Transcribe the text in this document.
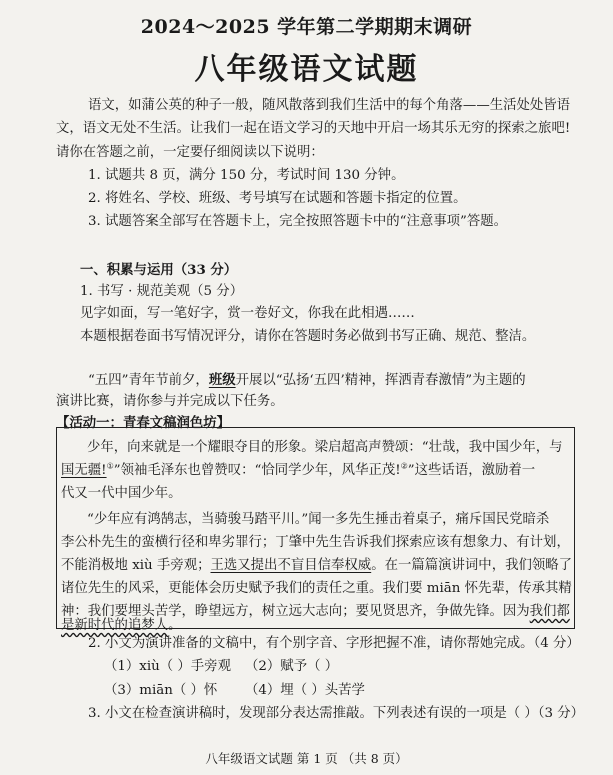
2024～2025 学年第二学期期末调研
八年级语文试题
语文，如蒲公英的种子一般，随风散落到我们生活中的每个角落——生活处处皆语
文，语文无处不生活。让我们一起在语文学习的天地中开启一场其乐无穷的探索之旅吧!
请你在答题之前，一定要仔细阅读以下说明：
1. 试题共 8 页，满分 150 分，考试时间 130 分钟。
2. 将姓名、学校、班级、考号填写在试题和答题卡指定的位置。
3. 试题答案全部写在答题卡上，完全按照答题卡中的“注意事项”答题。
一、积累与运用（33 分）
1. 书写 · 规范美观（5 分）
见字如面，写一笔好字，赏一卷好文，你我在此相遇……
本题根据卷面书写情况评分，请你在答题时务必做到书写正确、规范、整洁。
“五四”青年节前夕，班级开展以“弘扬‘五四’精神，挥洒青春激情”为主题的
演讲比赛，请你参与并完成以下任务。
【活动一：青春文稿润色坊】
少年，向来就是一个耀眼夺目的形象。梁启超高声赞颂：“壮哉，我中国少年，与
国无疆!①”领袖毛泽东也曾赞叹：“恰同学少年，风华正茂!②”这些话语，激励着一
代又一代中国少年。
“少年应有鸿鹄志，当骑骏马踏平川。”闻一多先生捶击着桌子，痛斥国民党暗杀
李公朴先生的蛮横行径和卑劣罪行；丁肇中先生告诉我们探索应该有想象力、有计划，
不能消极地 xiù 手旁观；王选又提出不盲目信奉权威。在一篇篇演讲词中，我们领略了
诸位先生的风采，更能体会历史赋予我们的责任之重。我们要 miān 怀先辈，传承其精
神：我们要埋头苦学，睁望远方，树立远大志向；要见贤思齐，争做先锋。因为我们都
是新时代的追梦人。
2. 小文为演讲准备的文稿中，有个别字音、字形把握不准，请你帮她完成。（4 分）
（1）xiù（ ）手旁观 （2）赋予（ ）
（3）miān（ ）怀 （4）埋（ ）头苦学
3. 小文在检查演讲稿时，发现部分表达需推敲。下列表述有误的一项是（ ）（3 分）
八年级语文试题 第 1 页 （共 8 页）
